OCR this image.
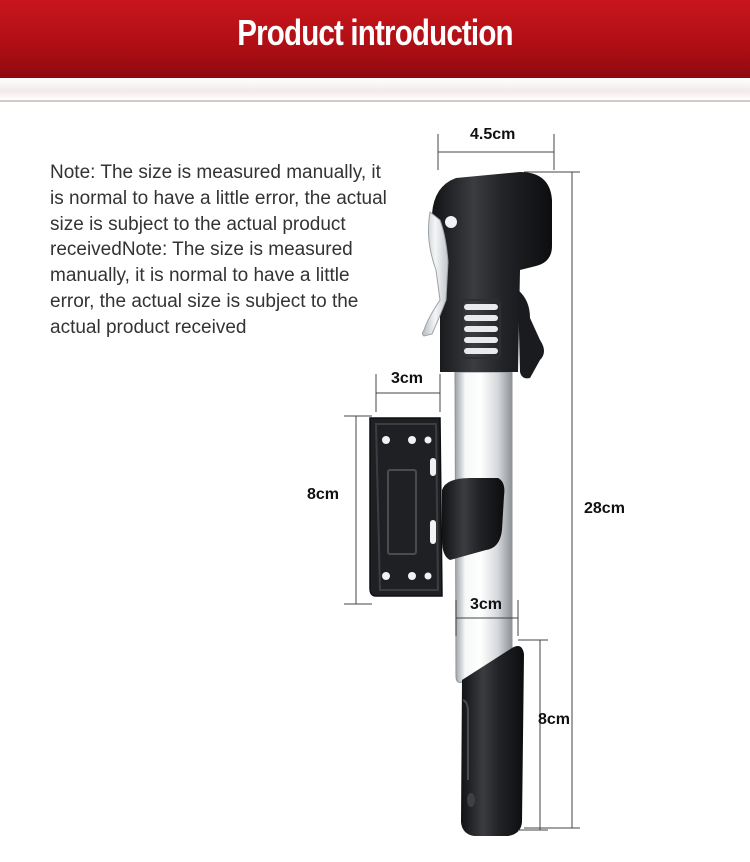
Product introduction

Note: The size is measured manually, it is normal to have a little error, the actual size is subject to the actual product receivedNote: The size is measured manually, it is normal to have a little error, the actual size is subject to the actual product received

4.5cm
3cm
8cm
28cm
3cm
8cm
